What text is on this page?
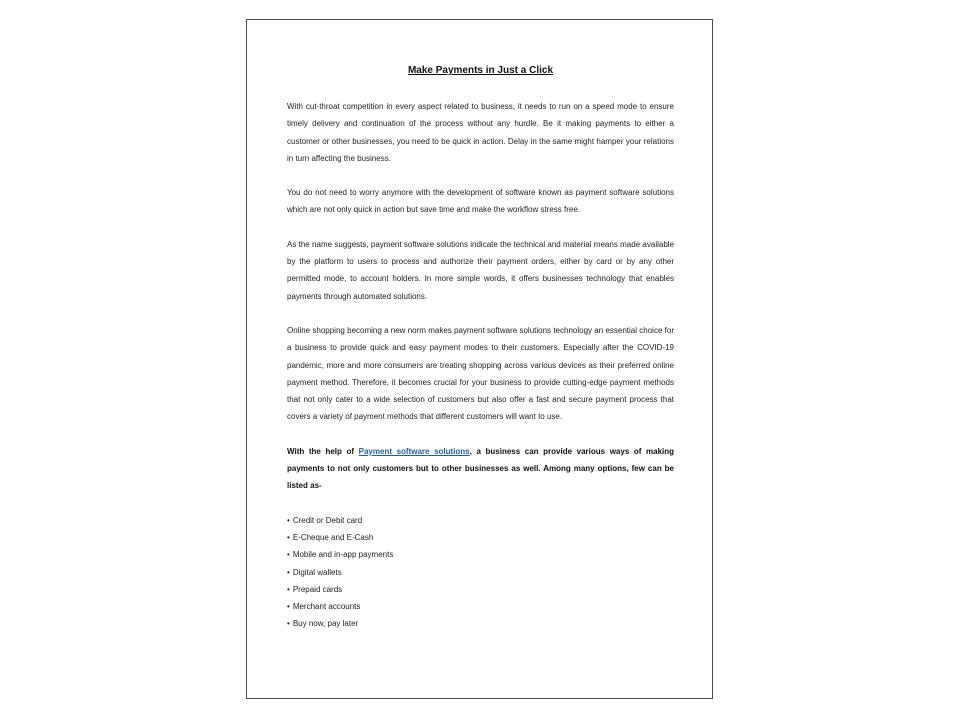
Make Payments in Just a Click

With cut-throat competition in every aspect related to business, it needs to run on a speed mode to ensure timely delivery and continuation of the process without any hurdle. Be it making payments to either a customer or other businesses, you need to be quick in action. Delay in the same might hamper your relations in turn affecting the business.

You do not need to worry anymore with the development of software known as payment software solutions which are not only quick in action but save time and make the workflow stress free.

As the name suggests, payment software solutions indicate the technical and material means made available by the platform to users to process and authorize their payment orders, either by card or by any other permitted mode, to account holders. In more simple words, it offers businesses technology that enables payments through automated solutions.

Online shopping becoming a new norm makes payment software solutions technology an essential choice for a business to provide quick and easy payment modes to their customers. Especially after the COVID-19 pandemic, more and more consumers are treating shopping across various devices as their preferred online payment method. Therefore, it becomes crucial for your business to provide cutting-edge payment methods that not only cater to a wide selection of customers but also offer a fast and secure payment process that covers a variety of payment methods that different customers will want to use.

With the help of Payment software solutions, a business can provide various ways of making payments to not only customers but to other businesses as well. Among many options, few can be listed as-

• Credit or Debit card
• E-Cheque and E-Cash
• Mobile and in-app payments
• Digital wallets
• Prepaid cards
• Merchant accounts
• Buy now, pay later
